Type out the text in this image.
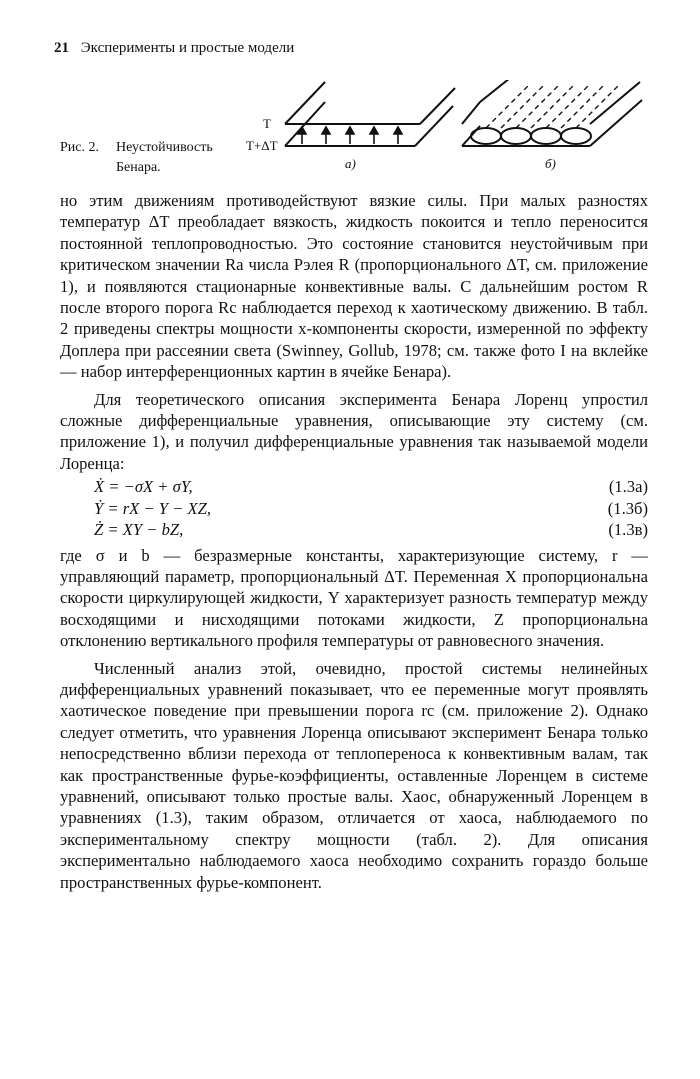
21 Эксперименты и простые модели
Рис. 2. Неустойчивость
Бенара.
T
T+ΔT
a)	б)

но этим движениям противодействуют вязкие силы. При малых разностях температур ΔT преобладает вязкость, жидкость покоится и тепло переносится постоянной теплопроводностью. Это состояние становится неустойчивым при критическом значении Ra числа Рэлея R (пропорционального ΔT, см. приложение 1), и появляются стационарные конвективные валы. С дальнейшим ростом R после второго порога Rc наблюдается переход к хаотическому движению. В табл. 2 приведены спектры мощности x-компоненты скорости, измеренной по эффекту Доплера при рассеянии света (Swinney, Gollub, 1978; см. также фото I на вклейке — набор интерференционных картин в ячейке Бенара).

Для теоретического описания эксперимента Бенара Лоренц упростил сложные дифференциальные уравнения, описывающие эту систему (см. приложение 1), и получил дифференциальные уравнения так называемой модели Лоренца:

Ẋ = −σX + σY,	(1.3a)
Ẏ = rX − Y − XZ,	(1.3б)
Ż = XY − bZ,	(1.3в)

где σ и b — безразмерные константы, характеризующие систему, r — управляющий параметр, пропорциональный ΔT. Переменная X пропорциональна скорости циркулирующей жидкости, Y характеризует разность температур между восходящими и нисходящими потоками жидкости, Z пропорциональна отклонению вертикального профиля температуры от равновесного значения.

Численный анализ этой, очевидно, простой системы нелинейных дифференциальных уравнений показывает, что ее переменные могут проявлять хаотическое поведение при превышении порога rc (см. приложение 2). Однако следует отметить, что уравнения Лоренца описывают эксперимент Бенара только непосредственно вблизи перехода от теплопереноса к конвективным валам, так как пространственные фурье-коэффициенты, оставленные Лоренцем в системе уравнений, описывают только простые валы. Хаос, обнаруженный Лоренцем в уравнениях (1.3), таким образом, отличается от хаоса, наблюдаемого по экспериментальному спектру мощности (табл. 2). Для описания экспериментально наблюдаемого хаоса необходимо сохранить гораздо больше пространственных фурье-компонент.
